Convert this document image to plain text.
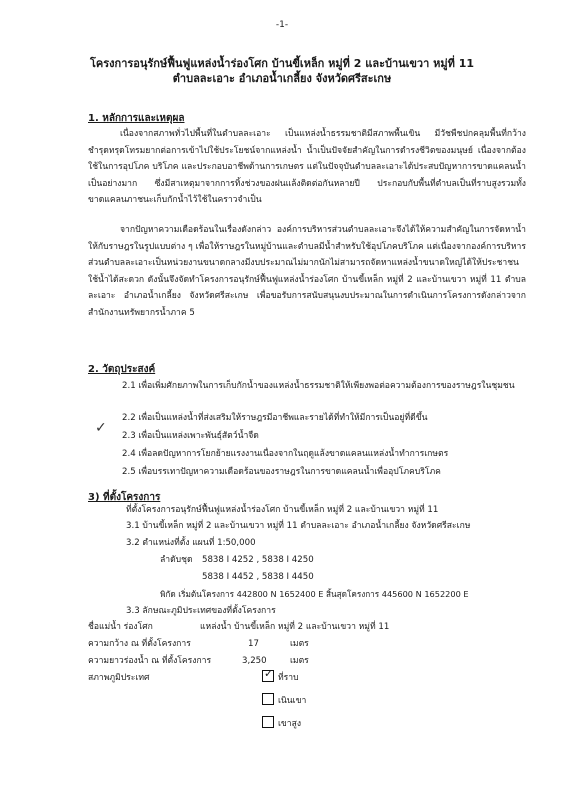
-1-
โครงการอนุรักษ์ฟื้นฟูแหล่งน้ำร่องโศก บ้านขี้เหล็ก หมู่ที่ 2 และบ้านเขวา หมู่ที่ 11
ตำบลละเอาะ อำเภอน้ำเกลี้ยง จังหวัดศรีสะเกษ
1. หลักการและเหตุผล
เนื่องจากสภาพทั่วไปพื้นที่ในตำบลละเอาะ เป็นแหล่งน้ำธรรมชาติมีสภาพพื้นเขิน มีวัชพืชปกคลุมพื้นที่กว้าง ชำรุดทรุดโทรมยากต่อการเข้าไปใช้ประโยชน์จากแหล่งน้ำ น้ำเป็นปัจจัยสำคัญในการดำรงชีวิตของมนุษย์ เนื่องจากต้องใช้ในการอุปโภค บริโภค และประกอบอาชีพด้านการเกษตร แต่ในปัจจุบันตำบลละเอาะได้ประสบปัญหาการขาดแคลนน้ำเป็นอย่างมาก ซึ่งมีสาเหตุมาจากการทิ้งช่วงของฝนแล้งติดต่อกันหลายปี ประกอบกับพื้นที่ตำบลเป็นที่ราบสูงรวมทั้งขาดแคลนภาชนะเก็บกักน้ำไว้ใช้ในคราวจำเป็น
จากปัญหาความเดือดร้อนในเรื่องดังกล่าว องค์การบริหารส่วนตำบลละเอาะจึงได้ให้ความสำคัญในการจัดหาน้ำให้กับราษฎรในรูปแบบต่าง ๆ เพื่อให้ราษฎรในหมู่บ้านและตำบลมีน้ำสำหรับใช้อุปโภคบริโภค แต่เนื่องจากองค์การบริหารส่วนตำบลละเอาะเป็นหน่วยงานขนาดกลางมีงบประมาณไม่มากนักไม่สามารถจัดหาแหล่งน้ำขนาดใหญ่ได้ให้ประชาชนใช้น้ำได้สะดวก ดังนั้นจึงจัดทำโครงการอนุรักษ์ฟื้นฟูแหล่งน้ำร่องโศก บ้านขี้เหล็ก หมู่ที่ 2 และบ้านเขวา หมู่ที่ 11 ตำบลละเอาะ อำเภอน้ำเกลี้ยง จังหวัดศรีสะเกษ เพื่อขอรับการสนับสนุนงบประมาณในการดำเนินการโครงการดังกล่าวจากสำนักงานทรัพยากรน้ำภาค 5
2. วัตถุประสงค์
2.1 เพื่อเพิ่มศักยภาพในการเก็บกักน้ำของแหล่งน้ำธรรมชาติให้เพียงพอต่อความต้องการของราษฎรในชุมชน
2.2 เพื่อเป็นแหล่งน้ำที่ส่งเสริมให้ราษฎรมีอาชีพและรายได้ที่ทำให้มีการเป็นอยู่ที่ดีขึ้น
2.3 เพื่อเป็นแหล่งเพาะพันธุ์สัตว์น้ำจืด
2.4 เพื่อลดปัญหาการโยกย้ายแรงงานเนื่องจากในฤดูแล้งขาดแคลนแหล่งน้ำทำการเกษตร
2.5 เพื่อบรรเทาปัญหาความเดือดร้อนของราษฎรในการขาดแคลนน้ำเพื่ออุปโภคบริโภค
✓
3) ที่ตั้งโครงการ
ที่ตั้งโครงการอนุรักษ์ฟื้นฟูแหล่งน้ำร่องโศก บ้านขี้เหล็ก หมู่ที่ 2 และบ้านเขวา หมู่ที่ 11
3.1 บ้านขี้เหล็ก หมู่ที่ 2 และบ้านเขวา หมู่ที่ 11 ตำบลละเอาะ อำเภอน้ำเกลี้ยง จังหวัดศรีสะเกษ
3.2 ตำแหน่งที่ตั้ง แผนที่ 1:50,000
ลำดับชุด 5838 I 4252 , 5838 I 4250
5838 I 4452 , 5838 I 4450
พิกัด เริ่มต้นโครงการ 442800 N 1652400 E สิ้นสุดโครงการ 445600 N 1652200 E
3.3 ลักษณะภูมิประเทศของที่ตั้งโครงการ
ชื่อแม่น้ำ ร่องโศก	แหล่งน้ำ บ้านขี้เหล็ก หมู่ที่ 2 และบ้านเขวา หมู่ที่ 11
ความกว้าง ณ ที่ตั้งโครงการ	17	เมตร
ความยาวร่องน้ำ ณ ที่ตั้งโครงการ	3,250	เมตร
สภาพภูมิประเทศ	✓ ที่ราบ
เนินเขา
เขาสูง
